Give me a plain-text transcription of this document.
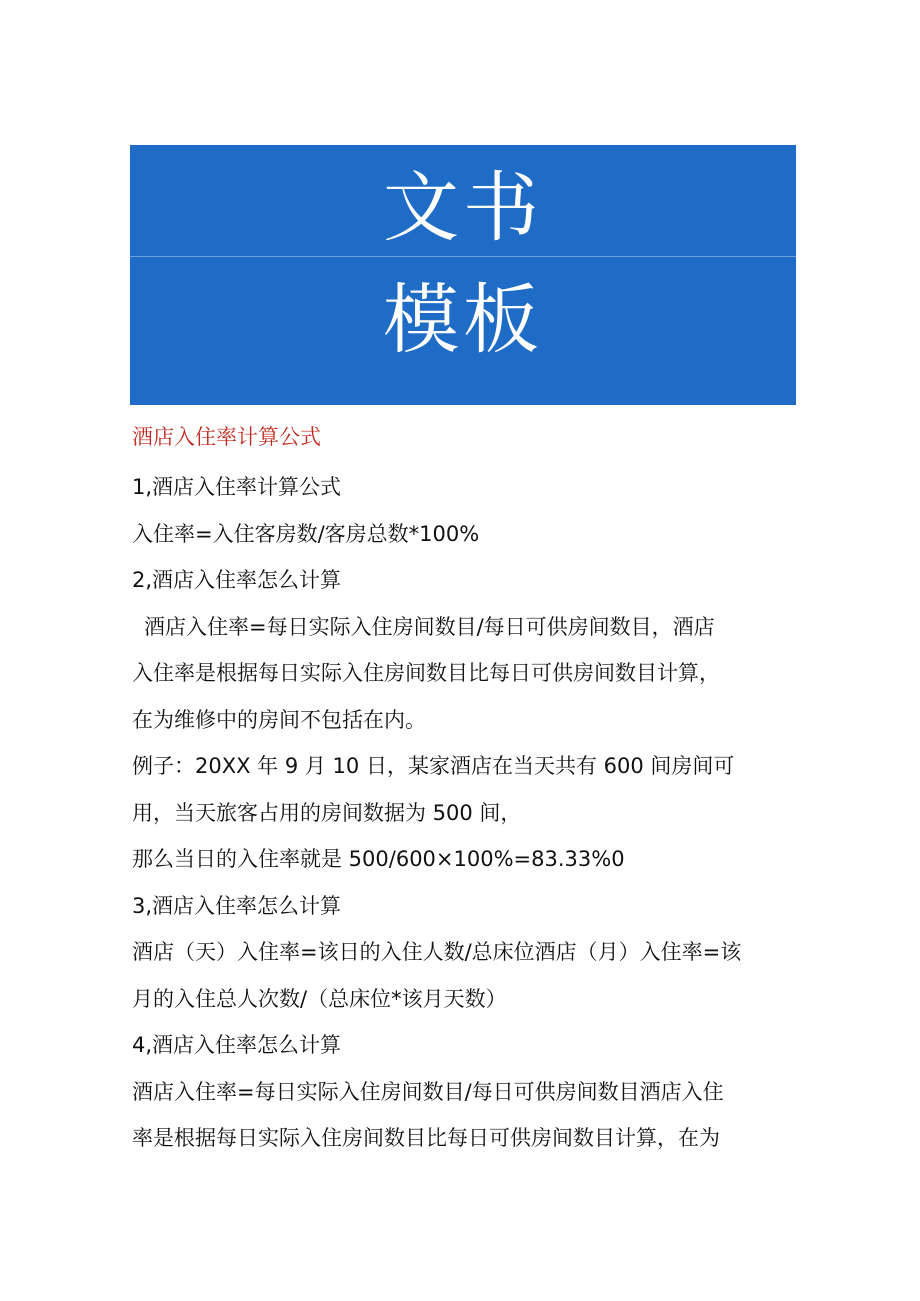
文书
模板
酒店入住率计算公式

1,酒店入住率计算公式

入住率=入住客房数/客房总数*100%

2,酒店入住率怎么计算

酒店入住率=每日实际入住房间数目/每日可供房间数目，酒店

入住率是根据每日实际入住房间数目比每日可供房间数目计算，

在为维修中的房间不包括在内。

例子：20XX 年 9 月 10 日，某家酒店在当天共有 600 间房间可

用，当天旅客占用的房间数据为 500 间，

那么当日的入住率就是 500/600×100%=83.33%0

3,酒店入住率怎么计算

酒店（天）入住率=该日的入住人数/总床位酒店（月）入住率=该

月的入住总人次数/（总床位*该月天数）

4,酒店入住率怎么计算

酒店入住率=每日实际入住房间数目/每日可供房间数目酒店入住

率是根据每日实际入住房间数目比每日可供房间数目计算，在为
